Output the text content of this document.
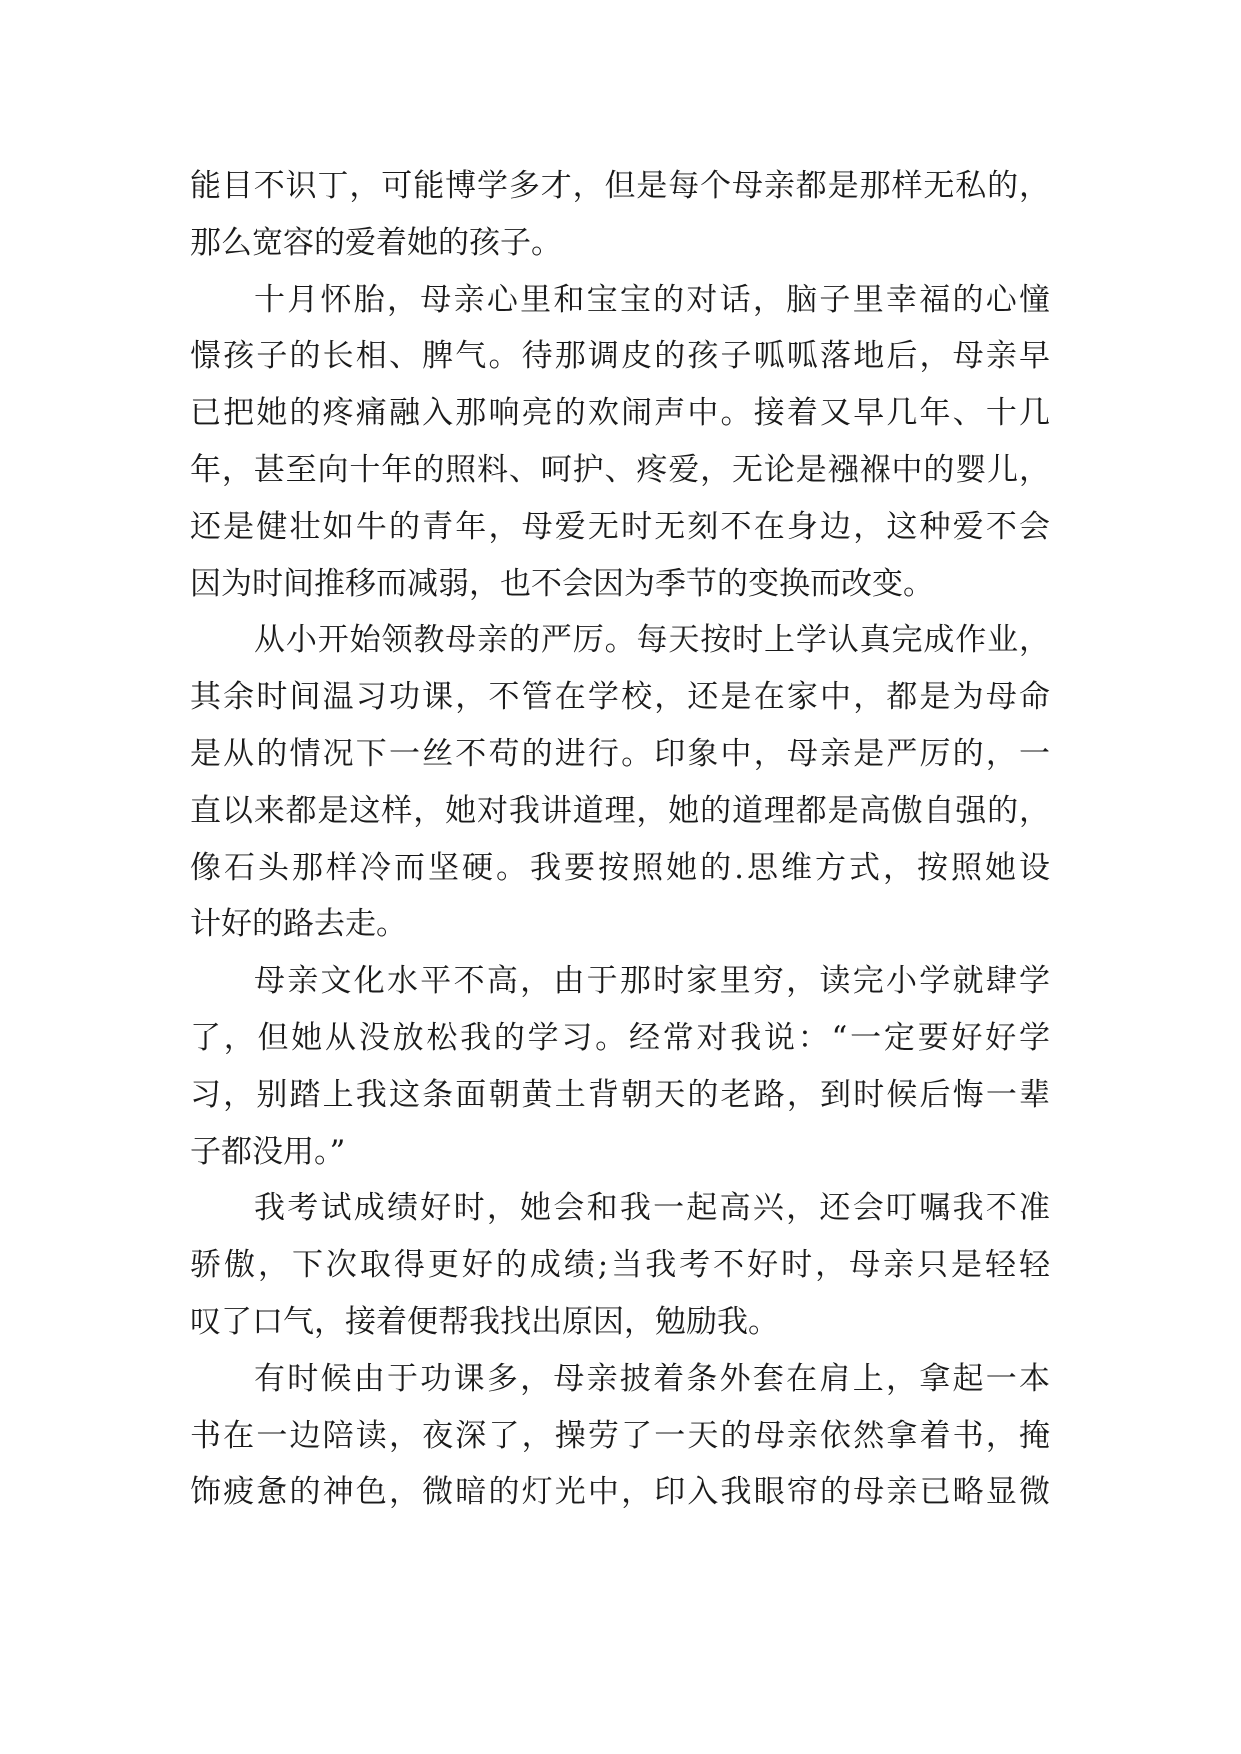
能目不识丁，可能博学多才，但是每个母亲都是那样无私的，
那么宽容的爱着她的孩子。
十月怀胎，母亲心里和宝宝的对话，脑子里幸福的心憧
憬孩子的长相、脾气。待那调皮的孩子呱呱落地后，母亲早
已把她的疼痛融入那响亮的欢闹声中。接着又早几年、十几
年，甚至向十年的照料、呵护、疼爱，无论是襁褓中的婴儿，
还是健壮如牛的青年，母爱无时无刻不在身边，这种爱不会
因为时间推移而减弱，也不会因为季节的变换而改变。
从小开始领教母亲的严厉。每天按时上学认真完成作业，
其余时间温习功课，不管在学校，还是在家中，都是为母命
是从的情况下一丝不苟的进行。印象中，母亲是严厉的，一
直以来都是这样，她对我讲道理，她的道理都是高傲自强的，
像石头那样冷而坚硬。我要按照她的.思维方式，按照她设
计好的路去走。
母亲文化水平不高，由于那时家里穷，读完小学就肆学
了，但她从没放松我的学习。经常对我说：“一定要好好学
习，别踏上我这条面朝黄土背朝天的老路，到时候后悔一辈
子都没用。”
我考试成绩好时，她会和我一起高兴，还会叮嘱我不准
骄傲，下次取得更好的成绩;当我考不好时，母亲只是轻轻
叹了口气，接着便帮我找出原因，勉励我。
有时候由于功课多，母亲披着条外套在肩上，拿起一本
书在一边陪读，夜深了，操劳了一天的母亲依然拿着书，掩
饰疲惫的神色，微暗的灯光中，印入我眼帘的母亲已略显微
